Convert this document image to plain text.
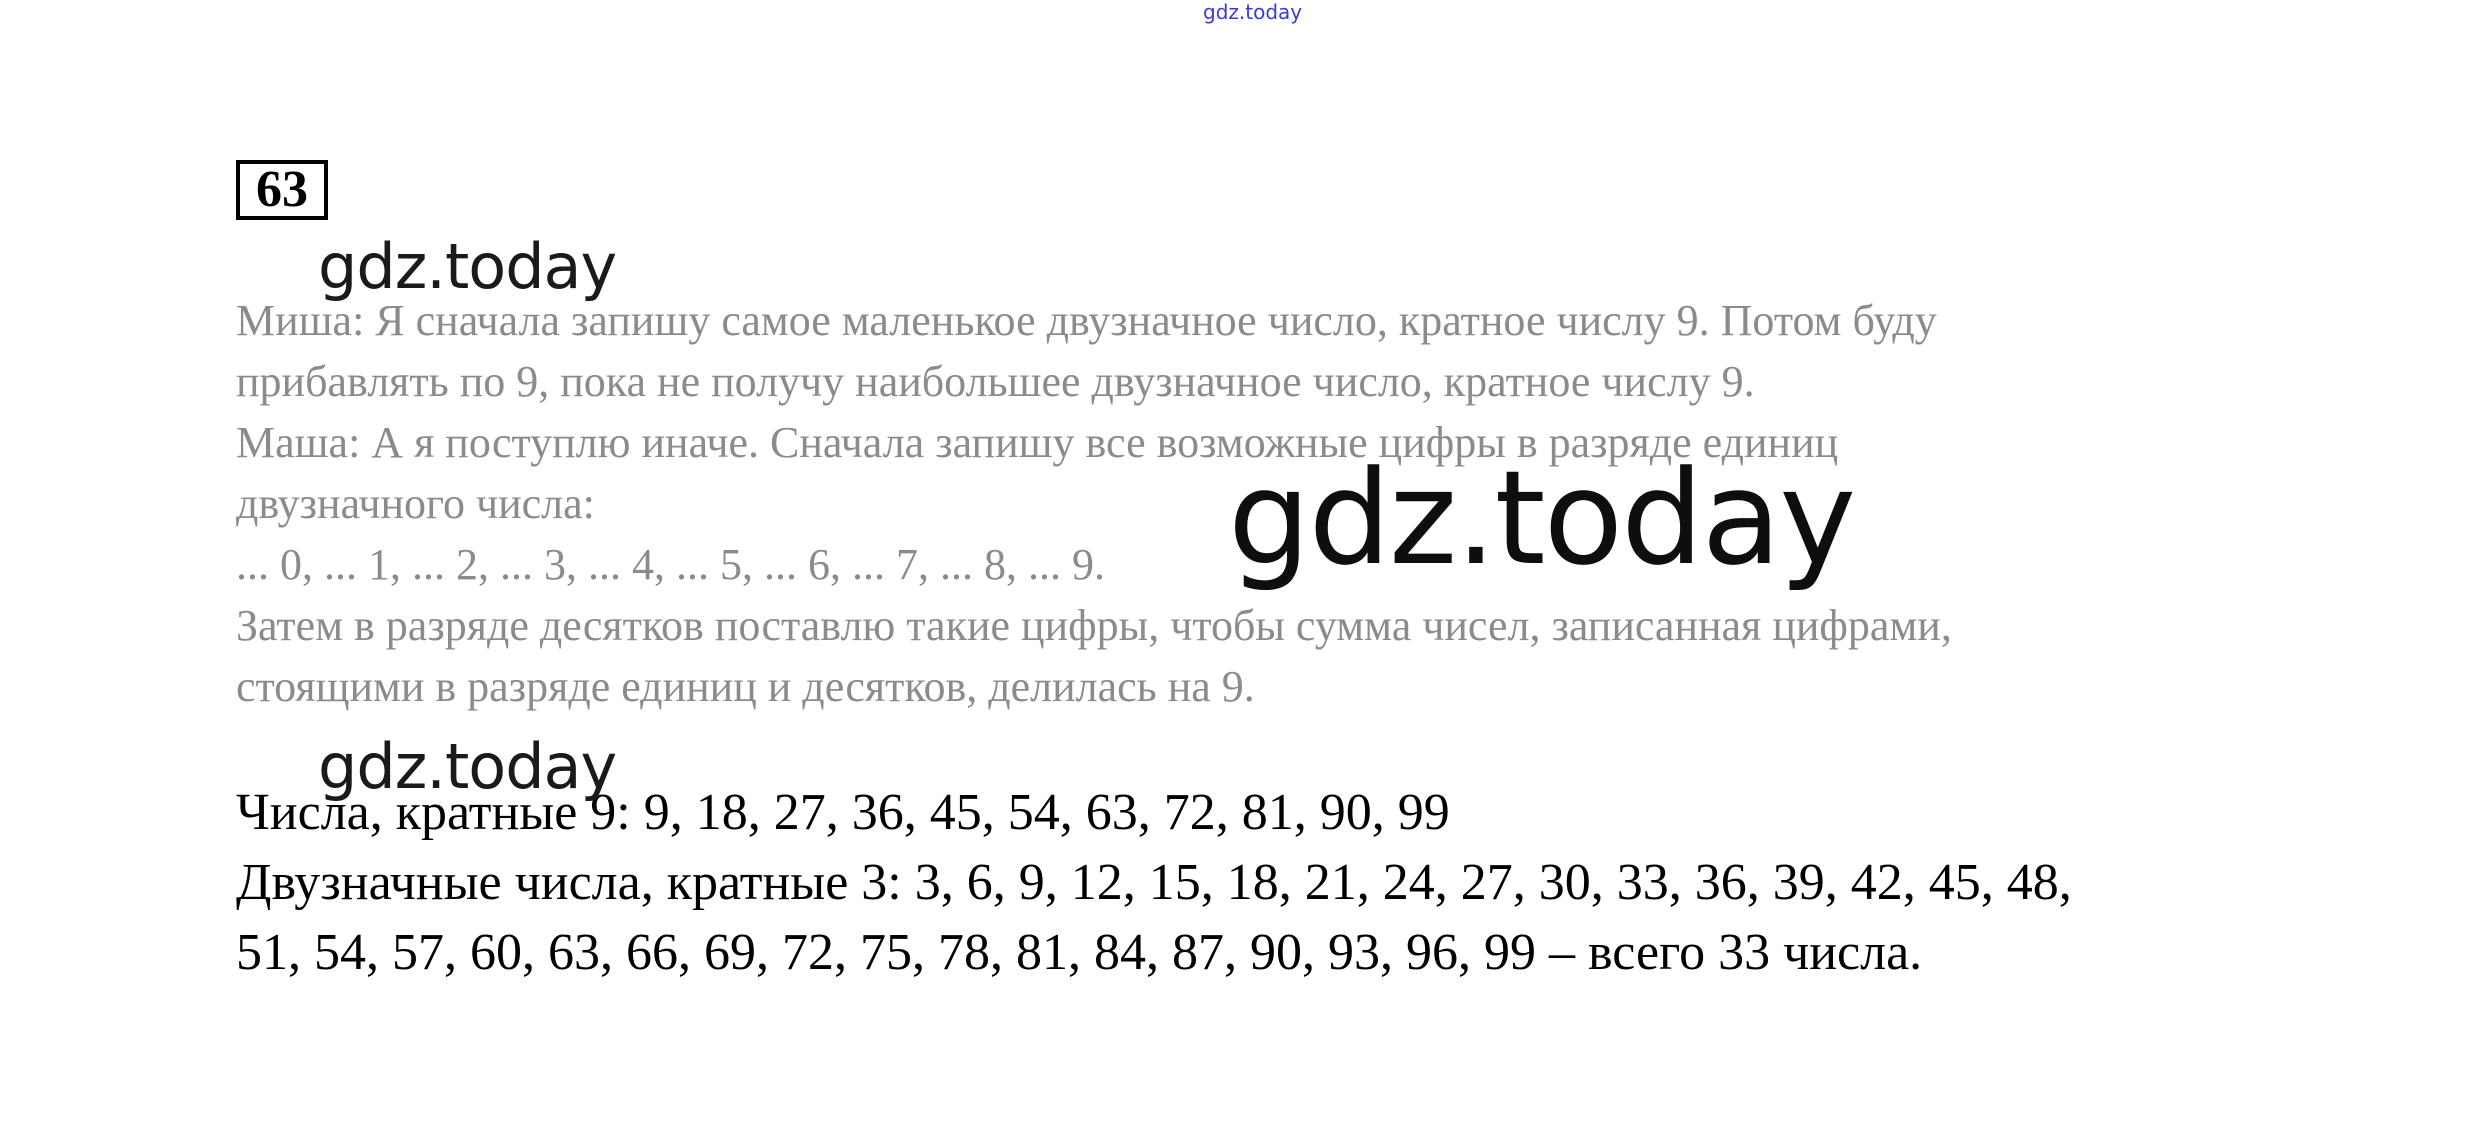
gdz.today
63

Миша: Я сначала запишу самое маленькое двузначное число, кратное числу 9. Потом буду

прибавлять по 9, пока не получу наибольшее двузначное число, кратное числу 9.

Маша: А я поступлю иначе. Сначала запишу все возможные цифры в разряде единиц

двузначного числа:

... 0, ... 1, ... 2, ... 3, ... 4, ... 5, ... 6, ... 7, ... 8, ... 9.

Затем в разряде десятков поставлю такие цифры, чтобы сумма чисел, записанная цифрами,

стоящими в разряде единиц и десятков, делилась на 9.

Числа, кратные 9: 9, 18, 27, 36, 45, 54, 63, 72, 81, 90, 99

Двузначные числа, кратные 3: 3, 6, 9, 12, 15, 18, 21, 24, 27, 30, 33, 36, 39, 42, 45, 48,

51, 54, 57, 60, 63, 66, 69, 72, 75, 78, 81, 84, 87, 90, 93, 96, 99 – всего 33 числа.

gdz.today
gdz.today
gdz.today
